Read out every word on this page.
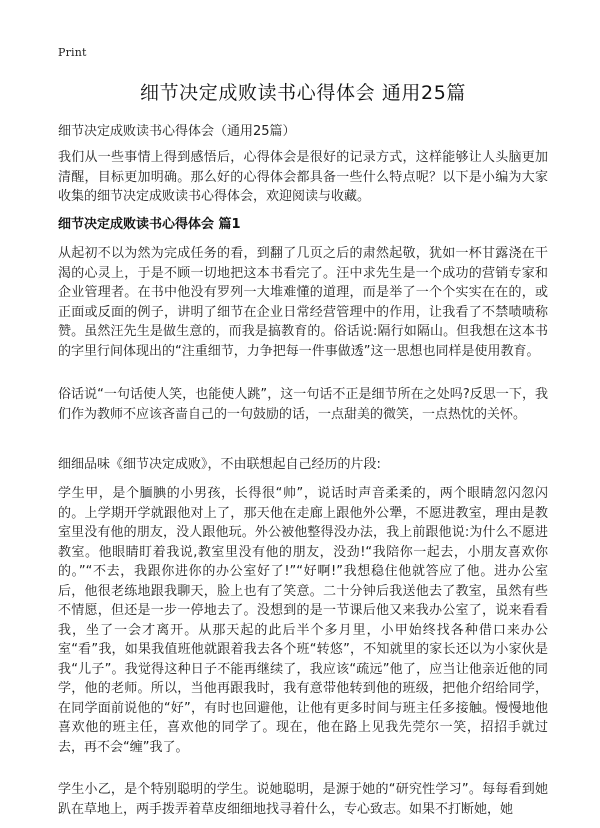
Print
细节决定成败读书心得体会 通用25篇

细节决定成败读书心得体会（通用25篇）

我们从一些事情上得到感悟后，心得体会是很好的记录方式，这样能够让人头脑更加清醒，目标更加明确。那么好的心得体会都具备一些什么特点呢？以下是小编为大家收集的细节决定成败读书心得体会，欢迎阅读与收藏。

细节决定成败读书心得体会 篇1

从起初不以为然为完成任务的看，到翻了几页之后的肃然起敬，犹如一杯甘露浇在干渴的心灵上，于是不顾一切地把这本书看完了。汪中求先生是一个成功的营销专家和企业管理者。在书中他没有罗列一大堆难懂的道理，而是举了一个个实实在在的，或正面或反面的例子，讲明了细节在企业日常经营管理中的作用，让我看了不禁啧啧称赞。虽然汪先生是做生意的，而我是搞教育的。俗话说:隔行如隔山。但我想在这本书的字里行间体现出的“注重细节，力争把每一件事做透”这一思想也同样是使用教育。

俗话说“一句话使人笑，也能使人跳”，这一句话不正是细节所在之处吗?反思一下，我们作为教师不应该吝啬自己的一句鼓励的话，一点甜美的微笑，一点热忱的关怀。

细细品味《细节决定成败》，不由联想起自己经历的片段:

学生甲，是个腼腆的小男孩，长得很“帅”，说话时声音柔柔的，两个眼睛忽闪忽闪的。上学期开学就跟他对上了，那天他在走廊上跟他外公犟，不愿进教室，理由是教室里没有他的朋友，没人跟他玩。外公被他整得没办法，我上前跟他说:为什么不愿进教室。他眼睛盯着我说,教室里没有他的朋友，没劲!“我陪你一起去，小朋友喜欢你的。”“不去，我跟你进你的办公室好了!”“好啊!”我想稳住他就答应了他。进办公室后，他很老练地跟我聊天，脸上也有了笑意。二十分钟后我送他去了教室，虽然有些不情愿，但还是一步一停地去了。没想到的是一节课后他又来我办公室了，说来看看我，坐了一会才离开。从那天起的此后半个多月里，小甲始终找各种借口来办公室“看”我，如果我值班他就跟着我去各个班“转悠”，不知就里的家长还以为小家伙是我“儿子”。我觉得这种日子不能再继续了，我应该“疏远”他了，应当让他亲近他的同学，他的老师。所以，当他再跟我时，我有意带他转到他的班级，把他介绍给同学，在同学面前说他的“好”，有时也回避他，让他有更多时间与班主任多接触。慢慢地他喜欢他的班主任，喜欢他的同学了。现在，他在路上见我先莞尔一笑，招招手就过去，再不会“缠”我了。

学生小乙，是个特别聪明的学生。说她聪明，是源于她的“研究性学习”。每每看到她趴在草地上，两手拨弄着草皮细细地找寻着什么，专心致志。如果不打断她，她
